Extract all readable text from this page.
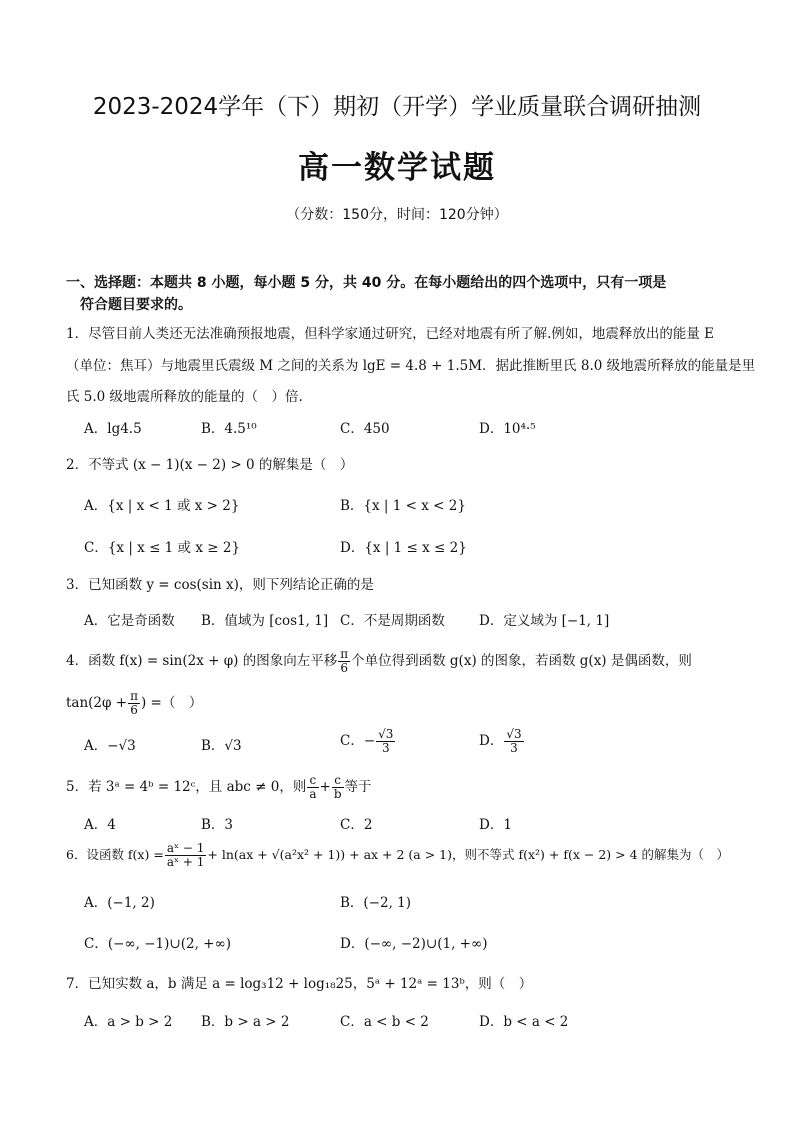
2023-2024学年（下）期初（开学）学业质量联合调研抽测
高一数学试题
（分数：150分，时间：120分钟）
一、选择题：本题共 8 小题，每小题 5 分，共 40 分。在每小题给出的四个选项中，只有一项是
符合题目要求的。
1．尽管目前人类还无法准确预报地震，但科学家通过研究，已经对地震有所了解.例如，地震释放出的能量 E
（单位：焦耳）与地震里氏震级 M 之间的关系为 lgE = 4.8 + 1.5M．据此推断里氏 8.0 级地震所释放的能量是里
氏 5.0 级地震所释放的能量的（　）倍.
A．lg4.5	B．4.5¹⁰	C．450	D．10⁴·⁵
2．不等式 (x − 1)(x − 2) > 0 的解集是（　）
A．{x | x < 1 或 x > 2}	B．{x | 1 < x < 2}
C．{x | x ≤ 1 或 x ≥ 2}	D．{x | 1 ≤ x ≤ 2}
3．已知函数 y = cos(sin x)，则下列结论正确的是
A．它是奇函数 B．值域为 [cos1, 1] C．不是周期函数	D．定义域为 [−1, 1]
4．函数 f(x) = sin(2x + φ) 的图象向左平移 $\frac{\pi}{6}$ 个单位得到函数 g(x) 的图象，若函数 g(x) 是偶函数，则
$\tan(2\varphi + \frac{\pi}{6}$ ) =（　）
A．−√3	B．√3	C．− $\frac{√3}{3}$	D． $\frac{√3}{3}$
5．若 3ᵃ = 4ᵇ = 12ᶜ，且 abc ≠ 0，则 $\frac{c}{a} + \frac{c}{b}$ 等于
A．4	B．3	C．2	D．1
6．设函数 $f(x) = \frac{\text{aˣ − 1}}{\text{aˣ + 1}} + \ln(ax + √(a^2x^2 + 1))$ + ax + 2 (a > 1)，则不等式 f(x²) + f(x − 2) > 4 的解集为（　）
A．(−1, 2)	B．(−2, 1)
C．(−∞, −1)∪(2, +∞)	D．(−∞, −2)∪(1, +∞)
7．已知实数 a，b 满足 a = log₃12 + log₁₈25，5ᵃ + 12ᵃ = 13ᵇ，则（　）
A．a > b > 2 B．b > a > 2	C．a < b < 2	D．b < a < 2
